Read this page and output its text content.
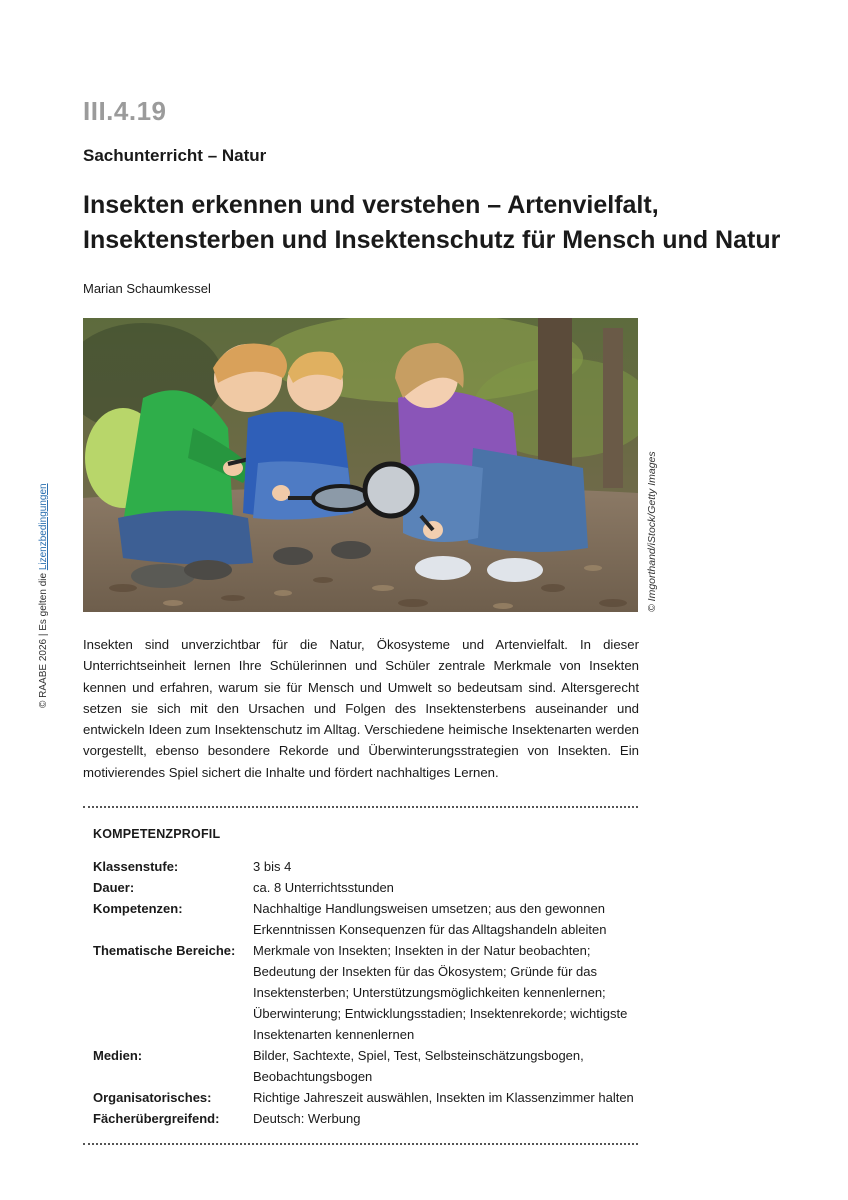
III.4.19
Sachunterricht – Natur
Insekten erkennen und verstehen – Artenvielfalt,
Insektensterben und Insektenschutz für Mensch und Natur
Marian Schaumkessel
© Imgorthand/iStock/Getty Images
© RAABE 2026 | Es gelten die Lizenzbedingungen
Insekten sind unverzichtbar für die Natur, Ökosysteme und Artenvielfalt. In dieser Unterrichtseinheit lernen Ihre Schülerinnen und Schüler zentrale Merkmale von Insekten kennen und erfahren, warum sie für Mensch und Umwelt so bedeutsam sind. Altersgerecht setzen sie sich mit den Ursachen und Folgen des Insektensterbens auseinander und entwickeln Ideen zum Insektenschutz im Alltag. Verschiedene heimische Insektenarten werden vorgestellt, ebenso besondere Rekorde und Überwinterungsstrategien von Insekten. Ein motivierendes Spiel sichert die Inhalte und fördert nachhaltiges Lernen.
KOMPETENZPROFIL
Klassenstufe:	3 bis 4
Dauer:	ca. 8 Unterrichtsstunden
Kompetenzen:	Nachhaltige Handlungsweisen umsetzen; aus den gewonnen Erkenntnissen Konsequenzen für das Alltagshandeln ableiten
Thematische Bereiche:	Merkmale von Insekten; Insekten in der Natur beobachten; Bedeutung der Insekten für das Ökosystem; Gründe für das Insektensterben; Unterstützungsmöglichkeiten kennenlernen; Überwinterung; Entwicklungsstadien; Insektenrekorde; wichtigste Insektenarten kennenlernen
Medien:	Bilder, Sachtexte, Spiel, Test, Selbsteinschätzungsbogen, Beobachtungsbogen
Organisatorisches:	Richtige Jahreszeit auswählen, Insekten im Klassenzimmer halten
Fächerübergreifend:	Deutsch: Werbung
